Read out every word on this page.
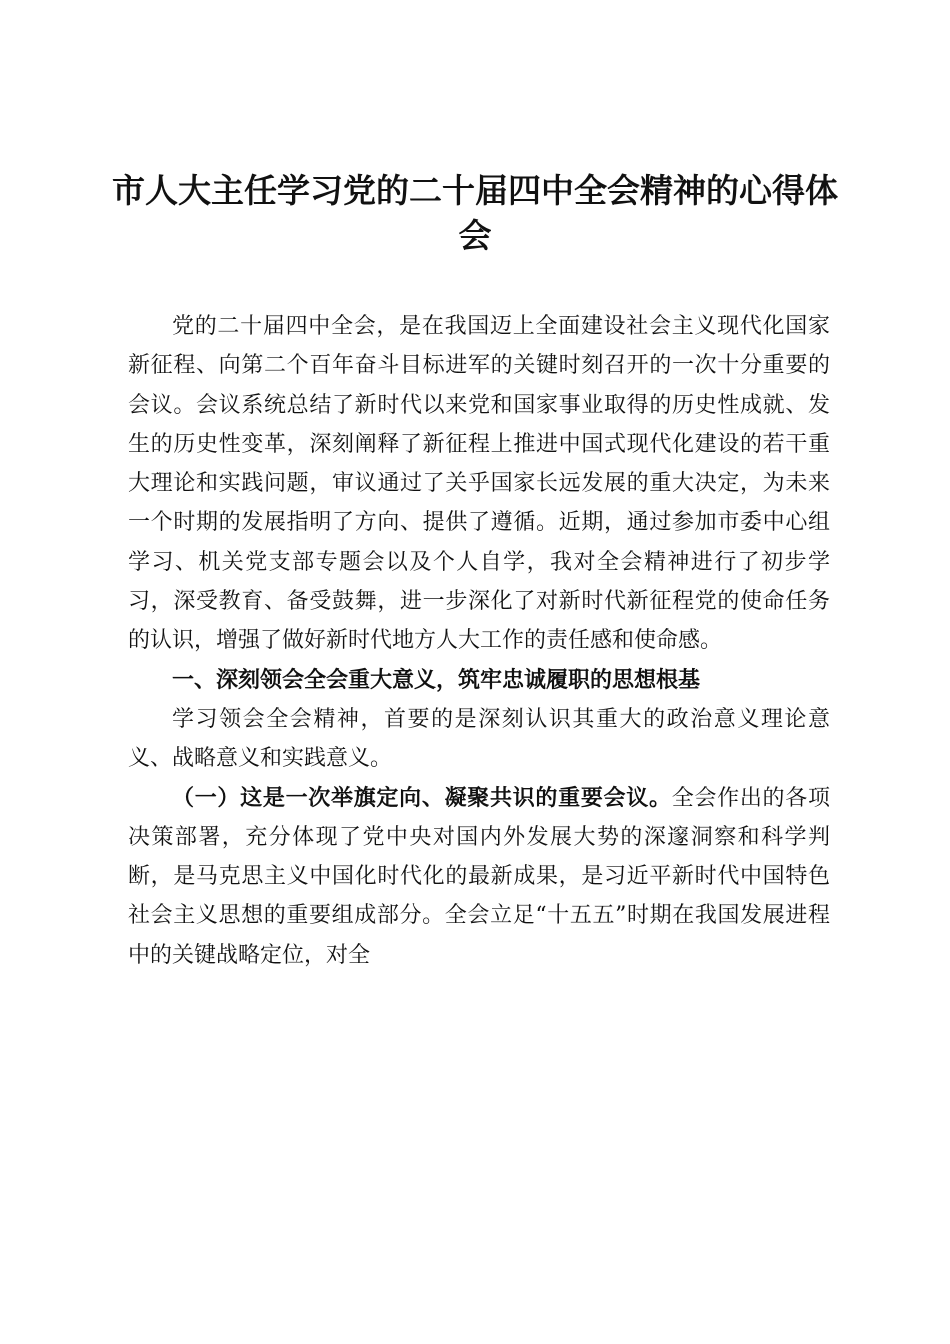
市人大主任学习党的二十届四中全会精神的心得体会

党的二十届四中全会，是在我国迈上全面建设社会主义现代化国家新征程、向第二个百年奋斗目标进军的关键时刻召开的一次十分重要的会议。会议系统总结了新时代以来党和国家事业取得的历史性成就、发生的历史性变革，深刻阐释了新征程上推进中国式现代化建设的若干重大理论和实践问题，审议通过了关乎国家长远发展的重大决定，为未来一个时期的发展指明了方向、提供了遵循。近期，通过参加市委中心组学习、机关党支部专题会以及个人自学，我对全会精神进行了初步学习，深受教育、备受鼓舞，进一步深化了对新时代新征程党的使命任务的认识，增强了做好新时代地方人大工作的责任感和使命感。

一、深刻领会全会重大意义，筑牢忠诚履职的思想根基

学习领会全会精神，首要的是深刻认识其重大的政治意义理论意义、战略意义和实践意义。

（一）这是一次举旗定向、凝聚共识的重要会议。全会作出的各项决策部署，充分体现了党中央对国内外发展大势的深邃洞察和科学判断，是马克思主义中国化时代化的最新成果，是习近平新时代中国特色社会主义思想的重要组成部分。全会立足“十五五”时期在我国发展进程中的关键战略定位，对全
